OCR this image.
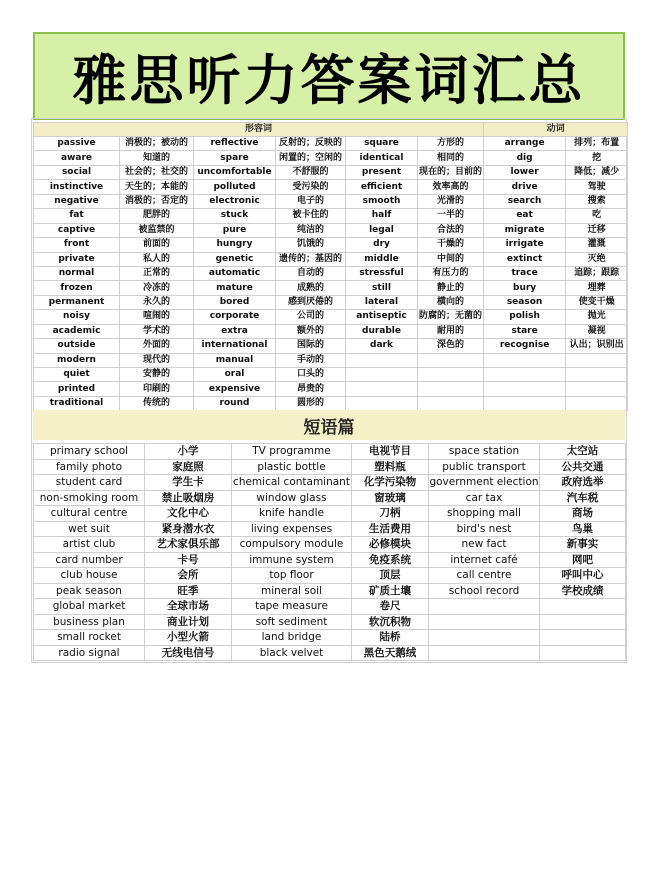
雅思听力答案词汇总
形容词						动词	
passive	消极的；被动的	reflective	反射的；反映的	square	方形的	arrange	排列；布置
aware	知道的	spare	闲置的；空闲的	identical	相同的	dig	挖
social	社会的；社交的	uncomfortable	不舒服的	present	现在的；目前的	lower	降低；减少
instinctive	天生的；本能的	polluted	受污染的	efficient	效率高的	drive	驾驶
negative	消极的；否定的	electronic	电子的	smooth	光滑的	search	搜索
fat	肥胖的	stuck	被卡住的	half	一半的	eat	吃
captive	被监禁的	pure	纯洁的	legal	合法的	migrate	迁移
front	前面的	hungry	饥饿的	dry	干燥的	irrigate	灌溉
private	私人的	genetic	遗传的；基因的	middle	中间的	extinct	灭绝
normal	正常的	automatic	自动的	stressful	有压力的	trace	追踪；跟踪
frozen	冷冻的	mature	成熟的	still	静止的	bury	埋葬
permanent	永久的	bored	感到厌倦的	lateral	横向的	season	使变干燥
noisy	喧闹的	corporate	公司的	antiseptic	防腐的；无菌的	polish	抛光
academic	学术的	extra	额外的	durable	耐用的	stare	凝视
outside	外面的	international	国际的	dark	深色的	recognise	认出；识别出
modern	现代的	manual	手动的				
quiet	安静的	oral	口头的				
printed	印刷的	expensive	昂贵的				
traditional	传统的	round	圆形的				
短语篇
primary school	小学	TV programme	电视节目	space station	太空站
family photo	家庭照	plastic bottle	塑料瓶	public transport	公共交通
student card	学生卡	chemical contaminant	化学污染物	government election	政府选举
non-smoking room	禁止吸烟房	window glass	窗玻璃	car tax	汽车税
cultural centre	文化中心	knife handle	刀柄	shopping mall	商场
wet suit	紧身潜水衣	living expenses	生活费用	bird's nest	鸟巢
artist club	艺术家俱乐部	compulsory module	必修模块	new fact	新事实
card number	卡号	immune system	免疫系统	internet café	网吧
club house	会所	top floor	顶层	call centre	呼叫中心
peak season	旺季	mineral soil	矿质土壤	school record	学校成绩
global market	全球市场	tape measure	卷尺		
business plan	商业计划	soft sediment	软沉积物		
small rocket	小型火箭	land bridge	陆桥		
radio signal	无线电信号	black velvet	黑色天鹅绒		
